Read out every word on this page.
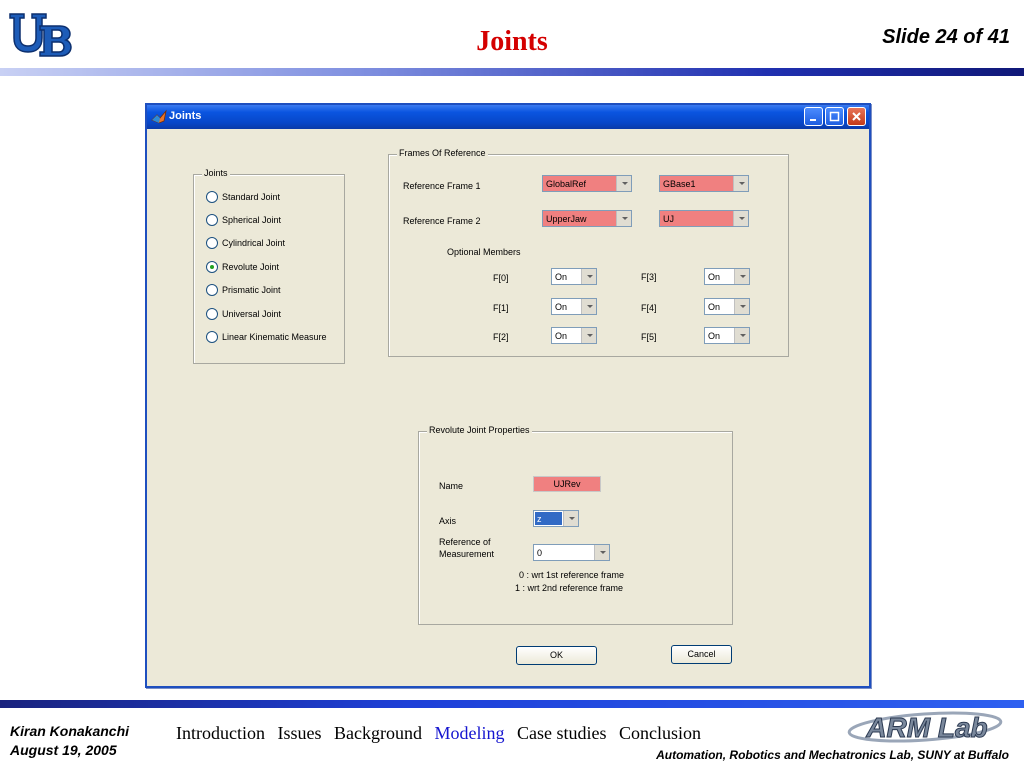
Joints	Slide 24 of 41
Joints
Joints
Standard Joint
Spherical Joint
Cylindrical Joint
Revolute Joint
Prismatic Joint
Universal Joint
Linear Kinematic Measure
Frames Of Reference
Reference Frame 1	GlobalRef	GBase1
Reference Frame 2	UpperJaw	UJ
Optional Members
F[0]	On
F[1]	On
F[2]	On
F[3]	On
F[4]	On
F[5]	On
Revolute Joint Properties
Name	UJRev
Axis	z
Reference of
Measurement	0
0 : wrt 1st reference frame
1 : wrt 2nd reference frame
OK	Cancel
Kiran Konakanchi
August 19, 2005
Introduction Issues Background Modeling Case studies Conclusion	ARM Lab
Automation, Robotics and Mechatronics Lab, SUNY at Buffalo
